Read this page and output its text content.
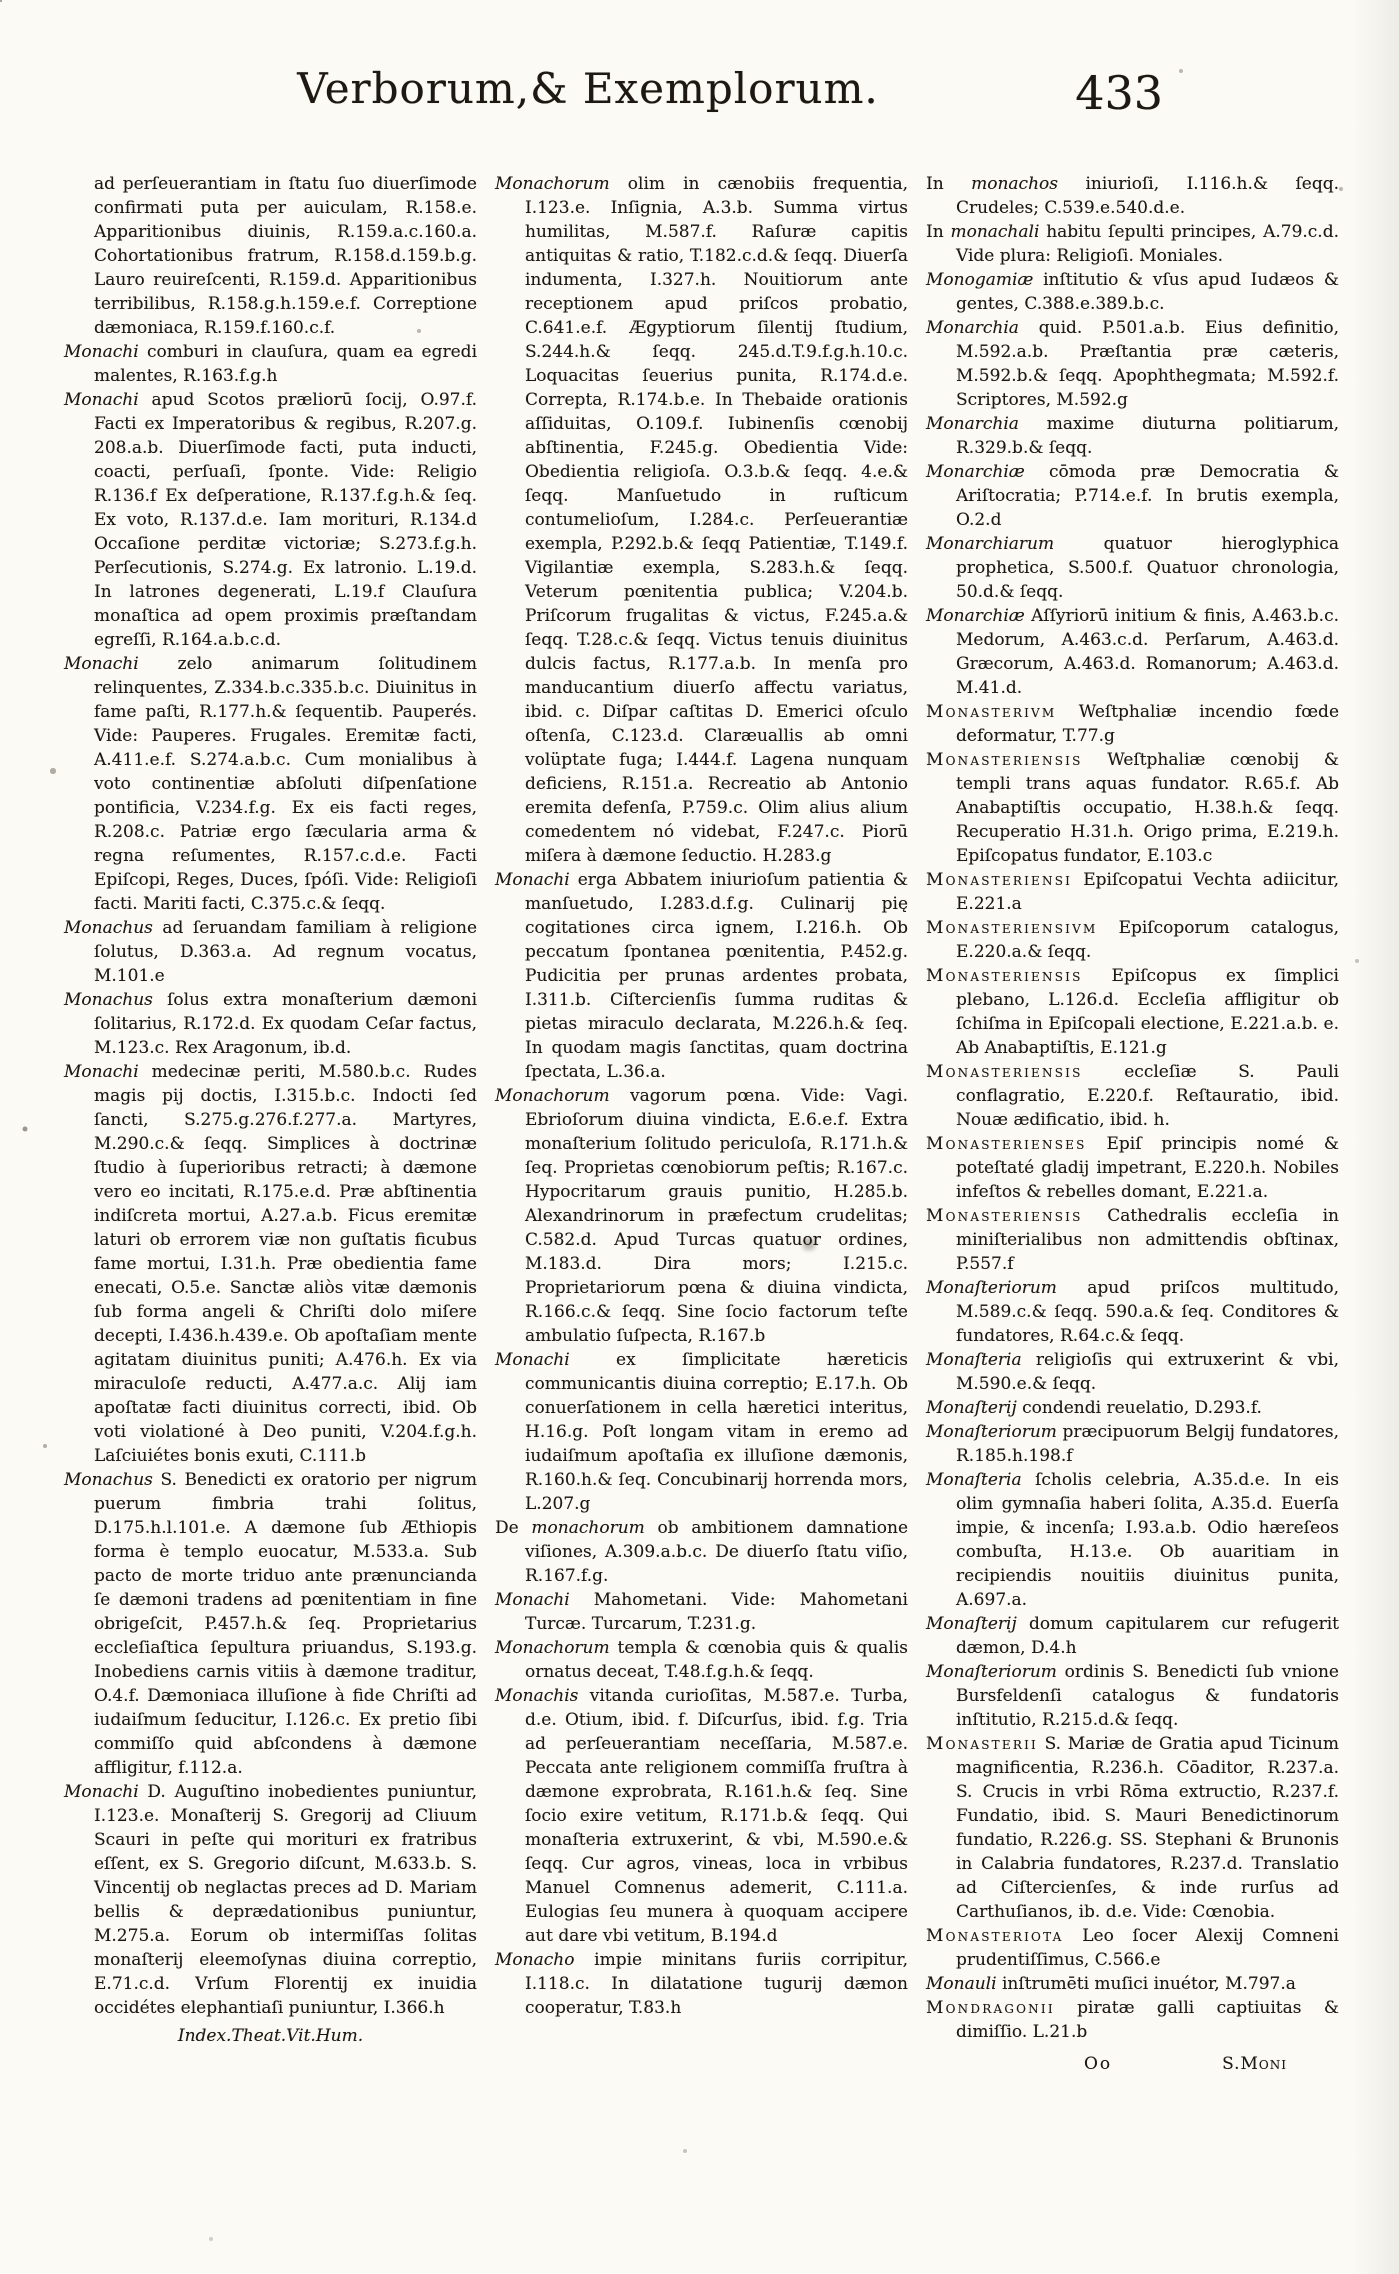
Verborum,& Exemplorum.	433

ad perſeuerantiam in ſtatu ſuo diuerſimode confirmati puta per auiculam, R.158.e. Apparitionibus diuinis, R.159.a.c.160.a. Cohortationibus fratrum, R.158.d.159.b.g. Lauro reuireſcenti, R.159.d. Apparitionibus terribilibus, R.158.g.h.159.e.f. Correptione dæmoniaca, R.159.f.160.c.f.

Monachi comburi in clauſura, quam ea egredi malentes, R.163.f.g.h

Monachi apud Scotos præliorū ſocij, O.97.f. Facti ex Imperatoribus & regibus, R.207.g. 208.a.b. Diuerſimode facti, puta inducti, coacti, perſuaſi, ſponte. Vide: Religio R.136.f Ex deſperatione, R.137.f.g.h.& ſeq. Ex voto, R.137.d.e. Iam morituri, R.134.d Occaſione perditæ victoriæ; S.273.f.g.h. Perſecutionis, S.274.g. Ex latronio. L.19.d. In latrones degenerati, L.19.f Clauſura monaſtica ad opem proximis præſtandam egreſſi, R.164.a.b.c.d.

Monachi zelo animarum ſolitudinem relinquentes, Z.334.b.c.335.b.c. Diuinitus in fame paſti, R.177.h.& ſequentib. Pauperés. Vide: Pauperes. Frugales. Eremitæ facti, A.411.e.f. S.274.a.b.c. Cum monialibus à voto continentiæ abſoluti diſpenſatione pontificia, V.234.f.g. Ex eis facti reges, R.208.c. Patriæ ergo ſæcularia arma & regna reſumentes, R.157.c.d.e. Facti Epiſcopi, Reges, Duces, ſpóſi. Vide: Religioſi facti. Mariti facti, C.375.c.& ſeqq.

Monachus ad ſeruandam familiam à religione ſolutus, D.363.a. Ad regnum vocatus, M.101.e

Monachus ſolus extra monaſterium dæmoni ſolitarius, R.172.d. Ex quodam Ceſar factus, M.123.c. Rex Aragonum, ib.d.

Monachi medecinæ periti, M.580.b.c. Rudes magis pij doctis, I.315.b.c. Indocti ſed ſancti, S.275.g.276.f.277.a. Martyres, M.290.c.& ſeqq. Simplices à doctrinæ ſtudio à ſuperioribus retracti; à dæmone vero eo incitati, R.175.e.d. Præ abſtinentia indiſcreta mortui, A.27.a.b. Ficus eremitæ laturi ob errorem viæ non guſtatis ficubus fame mortui, I.31.h. Præ obedientia fame enecati, O.5.e. Sanctæ aliòs vitæ dæmonis ſub forma angeli & Chriſti dolo miſere decepti, I.436.h.439.e. Ob apoſtaſiam mente agitatam diuinitus puniti; A.476.h. Ex via miraculoſe reducti, A.477.a.c. Alij iam apoſtatæ facti diuinitus correcti, ibid. Ob voti violationé à Deo puniti, V.204.f.g.h. Laſciuiétes bonis exuti, C.111.b

Monachus S. Benedicti ex oratorio per nigrum puerum fimbria trahi ſolitus, D.175.h.l.101.e. A dæmone ſub Æthiopis forma è templo euocatur, M.533.a. Sub pacto de morte triduo ante prænuncianda ſe dæmoni tradens ad pœnitentiam in fine obrigeſcit, P.457.h.& ſeq. Proprietarius eccleſiaſtica ſepultura priuandus, S.193.g. Inobediens carnis vitiis à dæmone traditur, O.4.f. Dæmoniaca illuſione à fide Chriſti ad iudaiſmum ſeducitur, I.126.c. Ex pretio ſibi commiſſo quid abſcondens à dæmone affligitur, f.112.a.

Monachi D. Auguſtino inobedientes puniuntur, I.123.e. Monaſterij S. Gregorij ad Cliuum Scauri in peſte qui morituri ex fratribus eſſent, ex S. Gregorio diſcunt, M.633.b. S. Vincentij ob neglactas preces ad D. Mariam bellis & deprædationibus puniuntur, M.275.a. Eorum ob intermiſſas ſolitas monaſterij eleemoſynas diuina correptio, E.71.c.d. Vrſum Florentij ex inuidia occidétes elephantiaſi puniuntur, I.366.h

Index.Theat.Vit.Hum.

Monachorum olim in cænobiis frequentia, I.123.e. Inſignia, A.3.b. Summa virtus humilitas, M.587.f. Raſuræ capitis antiquitas & ratio, T.182.c.d.& ſeqq. Diuerſa indumenta, I.327.h. Nouitiorum ante receptionem apud priſcos probatio, C.641.e.f. Ægyptiorum ſilentij ſtudium, S.244.h.& ſeqq. 245.d.T.9.f.g.h.10.c. Loquacitas ſeuerius punita, R.174.d.e. Correpta, R.174.b.e. In Thebaide orationis aſſiduitas, O.109.f. Iubinenſis cœnobij abſtinentia, F.245.g. Obedientia Vide: Obedientia religioſa. O.3.b.& ſeqq. 4.e.& ſeqq. Manſuetudo in ruſticum contumelioſum, I.284.c. Perſeuerantiæ exempla, P.292.b.& ſeqq Patientiæ, T.149.f. Vigilantiæ exempla, S.283.h.& ſeqq. Veterum pœnitentia publica; V.204.b. Priſcorum frugalitas & victus, F.245.a.& ſeqq. T.28.c.& ſeqq. Victus tenuis diuinitus dulcis factus, R.177.a.b. In menſa pro manducantium diuerſo affectu variatus, ibid. c. Diſpar caſtitas D. Emerici oſculo oſtenſa, C.123.d. Claræuallis ab omni volüptate fuga; I.444.f. Lagena nunquam deficiens, R.151.a. Recreatio ab Antonio eremita defenſa, P.759.c. Olim alius alium comedentem nó videbat, F.247.c. Piorū miſera à dæmone ſeductio. H.283.g

Monachi erga Abbatem iniurioſum patientia & manſuetudo, I.283.d.f.g. Culinarij pię cogitationes circa ignem, I.216.h. Ob peccatum ſpontanea pœnitentia, P.452.g. Pudicitia per prunas ardentes probata, I.311.b. Ciſtercienſis ſumma ruditas & pietas miraculo declarata, M.226.h.& ſeq. In quodam magis ſanctitas, quam doctrina ſpectata, L.36.a.

Monachorum vagorum pœna. Vide: Vagi. Ebrioſorum diuina vindicta, E.6.e.f. Extra monaſterium ſolitudo periculoſa, R.171.h.& ſeq. Proprietas cœnobiorum peſtis; R.167.c. Hypocritarum grauis punitio, H.285.b. Alexandrinorum in præfectum crudelitas; C.582.d. Apud Turcas quatuor ordines, M.183.d. Dira mors; I.215.c. Proprietariorum pœna & diuina vindicta, R.166.c.& ſeqq. Sine ſocio factorum teſte ambulatio ſuſpecta, R.167.b

Monachi	ex ſimplicitate hæreticis communicantis diuina correptio; E.17.h. Ob conuerſationem in cella hæretici interitus, H.16.g. Poſt longam vitam in eremo ad iudaiſmum apoſtaſia ex illuſione dæmonis, R.160.h.& ſeq. Concubinarij horrenda mors, L.207.g

De monachorum ob ambitionem damnatione viſiones, A.309.a.b.c. De diuerſo ſtatu viſio, R.167.f.g.

Monachi Mahometani. Vide: Mahometani Turcæ. Turcarum, T.231.g.

Monachorum templa & cœnobia quis & qualis ornatus deceat, T.48.f.g.h.& ſeqq.

Monachis vitanda curioſitas, M.587.e. Turba, d.e. Otium, ibid. f. Diſcurſus, ibid. f.g. Tria ad perſeuerantiam neceſſaria, M.587.e. Peccata ante religionem commiſſa fruſtra à dæmone exprobrata, R.161.h.& ſeq. Sine ſocio exire vetitum, R.171.b.& ſeqq. Qui monaſteria extruxerint, & vbi, M.590.e.& ſeqq. Cur agros, vineas, loca in vrbibus Manuel Comnenus ademerit, C.111.a. Eulogias ſeu munera à quoquam accipere aut dare vbi vetitum, B.194.d

Monacho impie minitans furiis corripitur, I.118.c. In dilatatione tugurij dæmon cooperatur, T.83.h

In monachos iniurioſi, I.116.h.& ſeqq. Crudeles; C.539.e.540.d.e.

In monachali habitu ſepulti principes, A.79.c.d. Vide plura: Religioſi. Moniales.

Monogamiæ inſtitutio & vſus apud Iudæos & gentes, C.388.e.389.b.c.

Monarchia quid. P.501.a.b. Eius definitio, M.592.a.b. Præſtantia præ cæteris, M.592.b.& ſeqq. Apophthegmata; M.592.f. Scriptores, M.592.g

Monarchia maxime diuturna politiarum, R.329.b.& ſeqq.

Monarchiæ cōmoda præ Democratia & Ariſtocratia; P.714.e.f. In brutis exempla, O.2.d

Monarchiarum	quatuor hieroglyphica prophetica, S.500.f. Quatuor chronologia, 50.d.& ſeqq.

Monarchiæ Aſſyriorū initium & finis, A.463.b.c. Medorum, A.463.c.d. Perſarum, A.463.d. Græcorum, A.463.d. Romanorum; A.463.d. M.41.d.

Monasterivm Weſtphaliæ incendio fœde deformatur, T.77.g

Monasteriensis Weſtphaliæ cœnobij & templi trans aquas fundator. R.65.f. Ab Anabaptiſtis occupatio, H.38.h.& ſeqq. Recuperatio H.31.h. Origo prima, E.219.h. Epiſcopatus fundator, E.103.c

Monasteriensi Epiſcopatui Vechta adiicitur, E.221.a

Monasteriensivm Epiſcoporum catalogus, E.220.a.& ſeqq.

Monasteriensis Epiſcopus ex ſimplici plebano, L.126.d. Eccleſia affligitur ob ſchiſma in Epiſcopali electione, E.221.a.b. e. Ab Anabaptiſtis, E.121.g

Monasteriensis eccleſiæ S. Pauli conflagratio, E.220.f. Reſtauratio, ibid. Nouæ ædificatio, ibid. h.

Monasterienses Epiſ principis nomé & poteſtaté gladij impetrant, E.220.h. Nobiles infeſtos & rebelles domant, E.221.a.

Monasteriensis Cathedralis eccleſia in miniſterialibus non admittendis obſtinax, P.557.f

Monaſteriorum apud priſcos multitudo, M.589.c.& ſeqq. 590.a.& ſeq. Conditores & fundatores, R.64.c.& ſeqq.

Monaſteria religioſis qui extruxerint & vbi, M.590.e.& ſeqq.

Monaſterij condendi reuelatio, D.293.f.

Monaſteriorum præcipuorum Belgij fundatores, R.185.h.198.f

Monaſteria ſcholis celebria, A.35.d.e. In eis olim gymnaſia haberi ſolita, A.35.d. Euerſa impie, & incenſa; I.93.a.b. Odio hæreſeos combuſta, H.13.e. Ob auaritiam in recipiendis nouitiis diuinitus punita, A.697.a.

Monaſterij domum capitularem cur refugerit dæmon, D.4.h

Monaſteriorum ordinis S. Benedicti ſub vnione Bursfeldenſi catalogus & fundatoris inſtitutio, R.215.d.& ſeqq.

Monasterii S. Mariæ de Gratia apud Ticinum magnificentia, R.236.h. Cōaditor, R.237.a. S. Crucis in vrbi Rōma extructio, R.237.f. Fundatio, ibid. S. Mauri Benedictinorum fundatio, R.226.g. SS. Stephani & Brunonis in Calabria fundatores, R.237.d. Translatio ad Ciſtercienſes, & inde rurſus ad Carthuſianos, ib. d.e. Vide: Cœnobia.

Monasteriota Leo ſocer Alexij Comneni prudentiſſimus, C.566.e

Monauli inſtrumēti muſici inuétor, M.797.a

Mondragonii piratæ galli captiuitas & dimiſſio. L.21.b

Oo	S.Moni
